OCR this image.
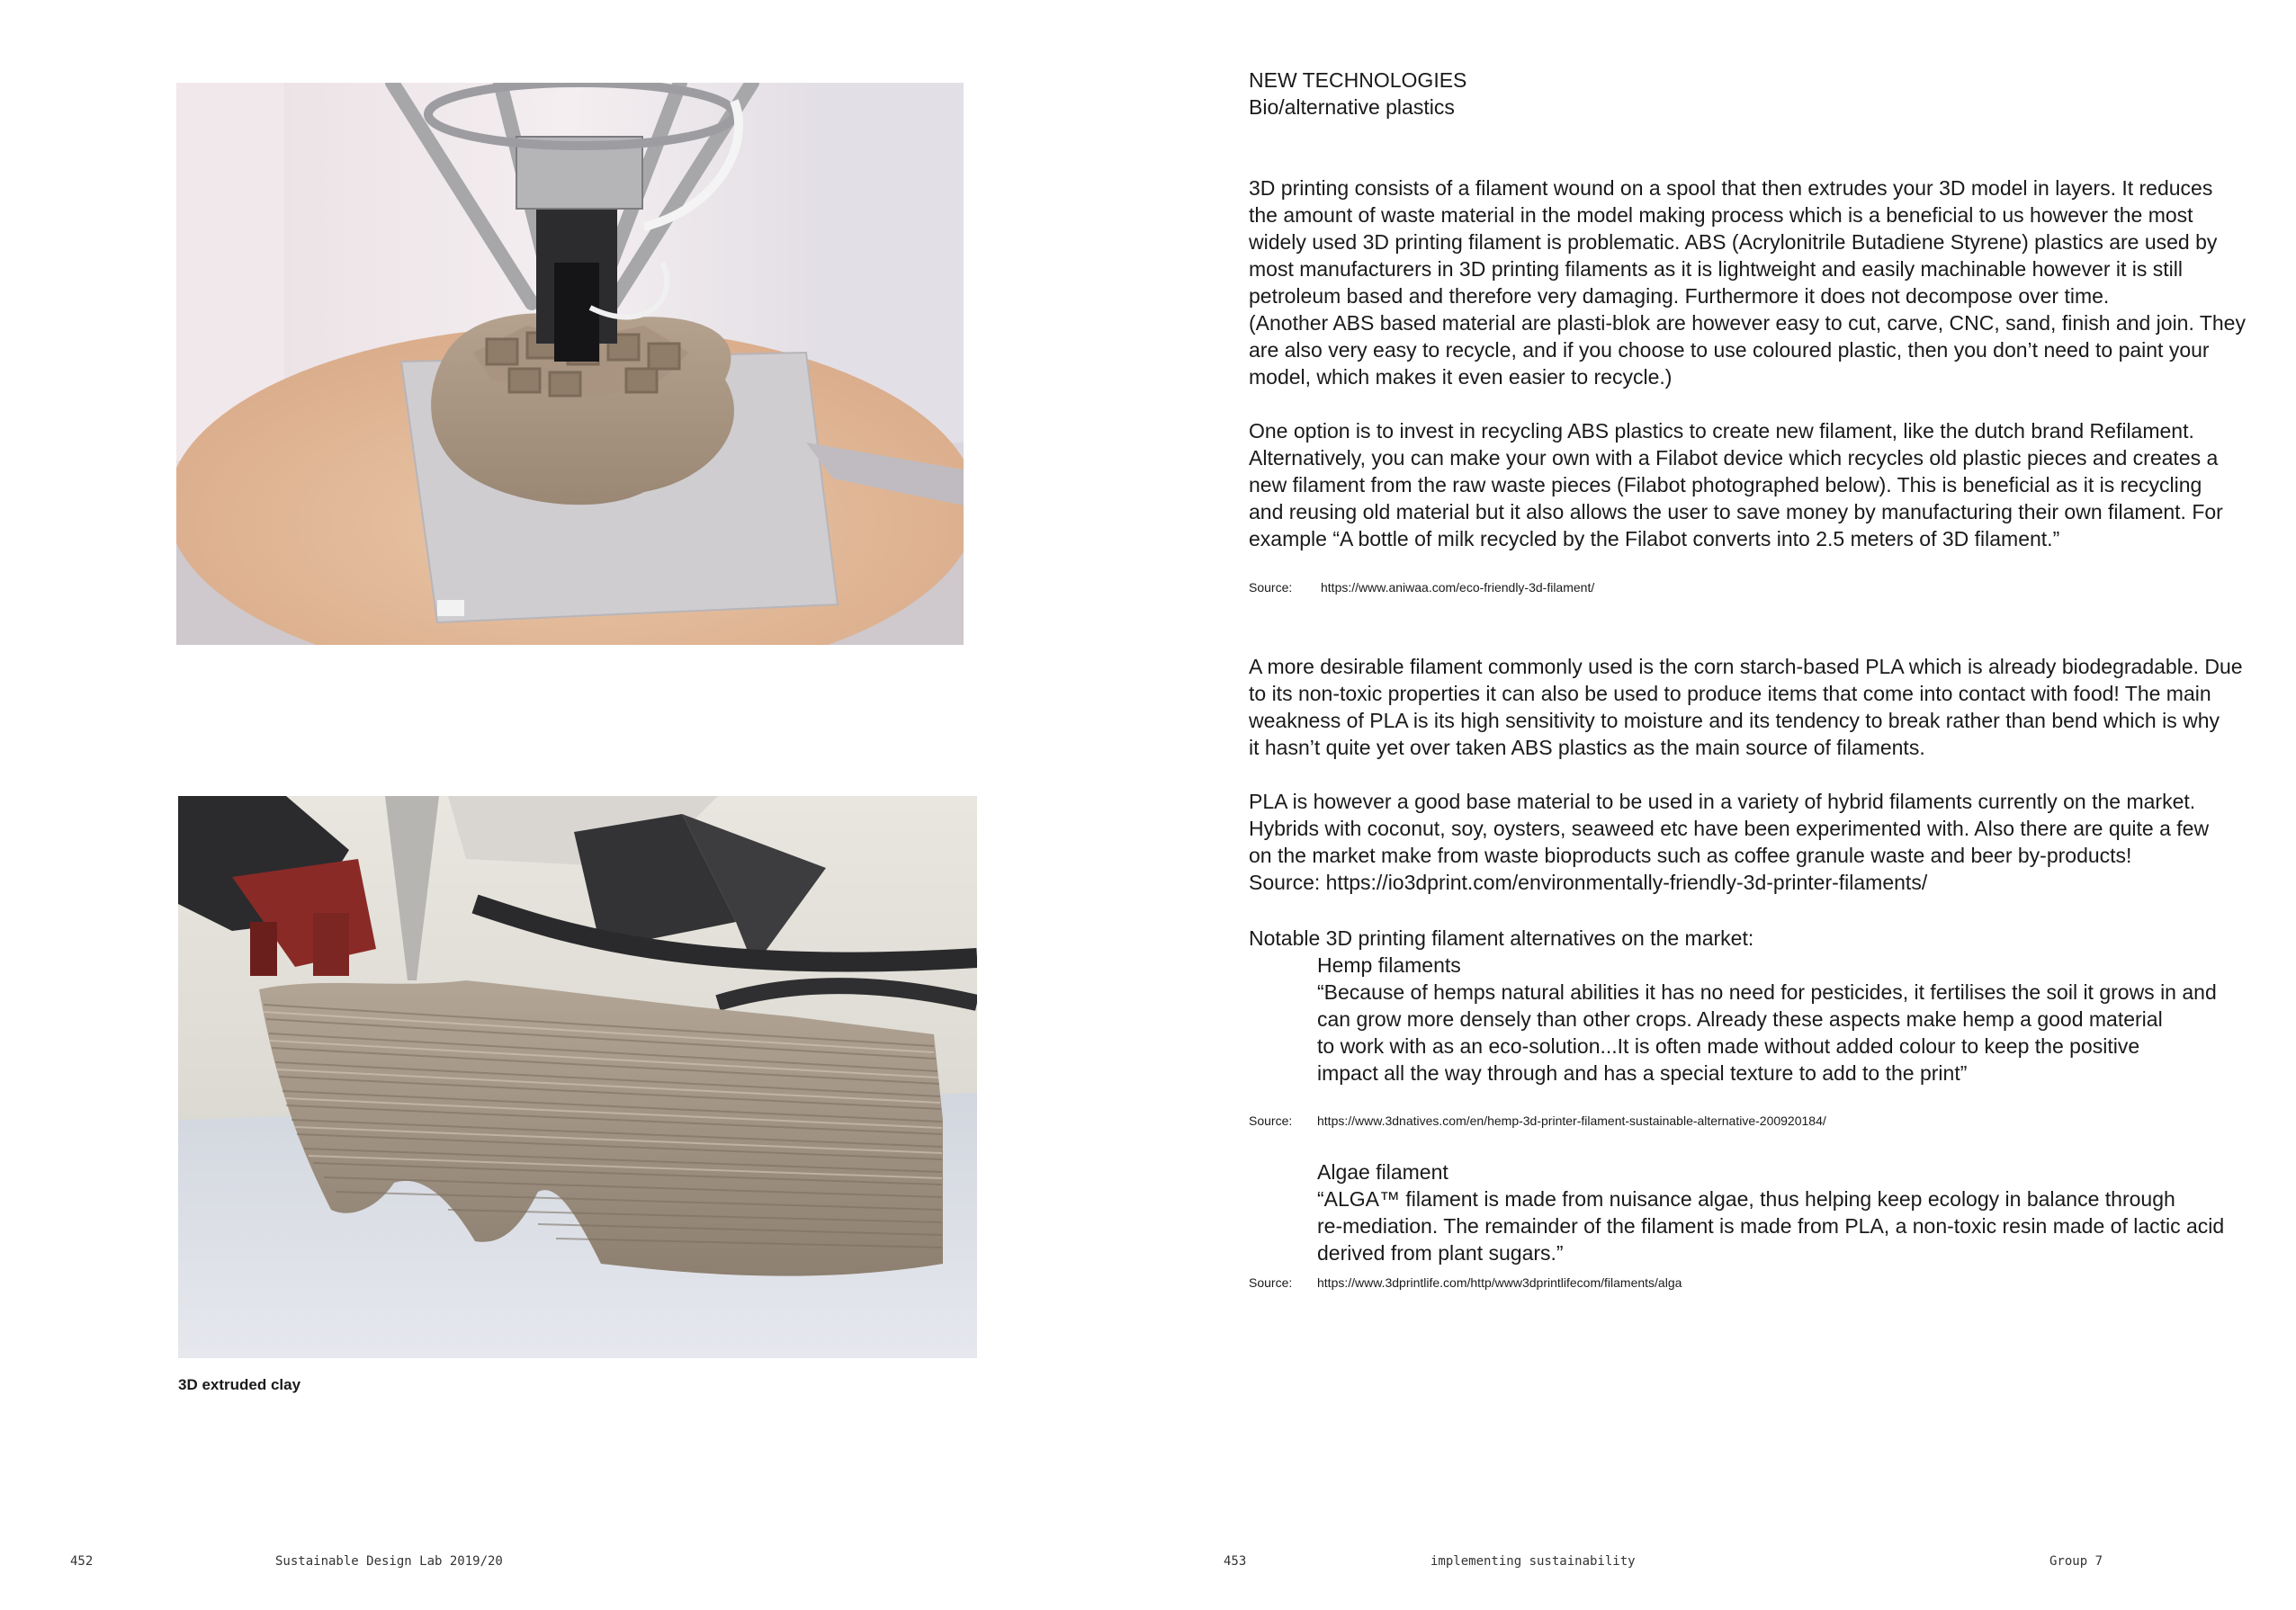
3D extruded clay
NEW TECHNOLOGIES
Bio/alternative plastics

3D printing consists of a filament wound on a spool that then extrudes your 3D model in layers. It reduces

the amount of waste material in the model making process which is a beneficial to us however the most

widely used 3D printing filament is problematic. ABS (Acrylonitrile Butadiene Styrene) plastics are used by

most manufacturers in 3D printing filaments as it is lightweight and easily machinable however it is still

petroleum based and therefore very damaging. Furthermore it does not decompose over time.

(Another ABS based material are plasti-blok are however easy to cut, carve, CNC, sand, finish and join. They

are also very easy to recycle, and if you choose to use coloured plastic, then you don’t need to paint your

model, which makes it even easier to recycle.)

One option is to invest in recycling ABS plastics to create new filament, like the dutch brand Refilament.

Alternatively, you can make your own with a Filabot device which recycles old plastic pieces and creates a

new filament from the raw waste pieces (Filabot photographed below). This is beneficial as it is recycling

and reusing old material but it also allows the user to save money by manufacturing their own filament. For

example “A bottle of milk recycled by the Filabot converts into 2.5 meters of 3D filament.”

Source: https://www.aniwaa.com/eco-friendly-3d-filament/

A more desirable filament commonly used is the corn starch-based PLA which is already biodegradable. Due

to its non-toxic properties it can also be used to produce items that come into contact with food! The main

weakness of PLA is its high sensitivity to moisture and its tendency to break rather than bend which is why

it hasn’t quite yet over taken ABS plastics as the main source of filaments.

PLA is however a good base material to be used in a variety of hybrid filaments currently on the market.

Hybrids with coconut, soy, oysters, seaweed etc have been experimented with. Also there are quite a few

on the market make from waste bioproducts such as coffee granule waste and beer by-products!

Source: https://io3dprint.com/environmentally-friendly-3d-printer-filaments/

Notable 3D printing filament alternatives on the market:
Hemp filaments
“Because of hemps natural abilities it has no need for pesticides, it fertilises the soil it grows in and
can grow more densely than other crops. Already these aspects make hemp a good material
to work with as an eco-solution...It is often made without added colour to keep the positive
impact all the way through and has a special texture to add to the print”
Source: https://www.3dnatives.com/en/hemp-3d-printer-filament-sustainable-alternative-200920184/
Algae filament
“ALGA™ filament is made from nuisance algae, thus helping keep ecology in balance through
re-mediation. The remainder of the filament is made from PLA, a non-toxic resin made of lactic acid
derived from plant sugars.”
Source: https://www.3dprintlife.com/http/www3dprintlifecom/filaments/alga
452	Sustainable Design Lab 2019/20	453	implementing sustainability	Group 7
